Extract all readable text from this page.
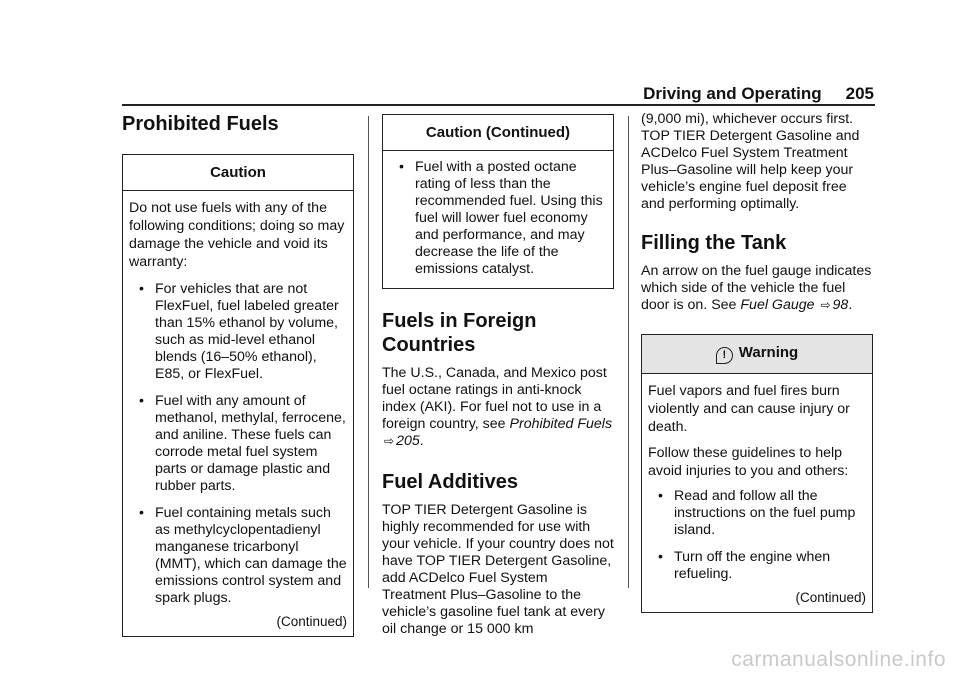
Driving and Operating 205
Prohibited Fuels
Caution

Do not use fuels with any of the following conditions; doing so may damage the vehicle and void its warranty:

• For vehicles that are not FlexFuel, fuel labeled greater than 15% ethanol by volume, such as mid-level ethanol blends (16–50% ethanol), E85, or FlexFuel.
• Fuel with any amount of methanol, methylal, ferrocene, and aniline. These fuels can corrode metal fuel system parts or damage plastic and rubber parts.
• Fuel containing metals such as methylcyclopentadienyl manganese tricarbonyl (MMT), which can damage the emissions control system and spark plugs.
(Continued)
Caution (Continued)
• Fuel with a posted octane rating of less than the recommended fuel. Using this fuel will lower fuel economy and performance, and may decrease the life of the emissions catalyst.
Fuels in Foreign
Countries

The U.S., Canada, and Mexico post fuel octane ratings in anti-knock index (AKI). For fuel not to use in a foreign country, see Prohibited Fuels ⇨ 205.

Fuel Additives

TOP TIER Detergent Gasoline is highly recommended for use with your vehicle. If your country does not have TOP TIER Detergent Gasoline, add ACDelco Fuel System Treatment Plus–Gasoline to the vehicle’s gasoline fuel tank at every oil change or 15 000 km

(9,000 mi), whichever occurs first. TOP TIER Detergent Gasoline and ACDelco Fuel System Treatment Plus–Gasoline will help keep your vehicle’s engine fuel deposit free and performing optimally.

Filling the Tank

An arrow on the fuel gauge indicates which side of the vehicle the fuel door is on. See Fuel Gauge ⇨ 98.

! Warning

Fuel vapors and fuel fires burn violently and can cause injury or death.

Follow these guidelines to help avoid injuries to you and others:

• Read and follow all the instructions on the fuel pump island.
• Turn off the engine when refueling.
(Continued)
carmanualsonline.info
